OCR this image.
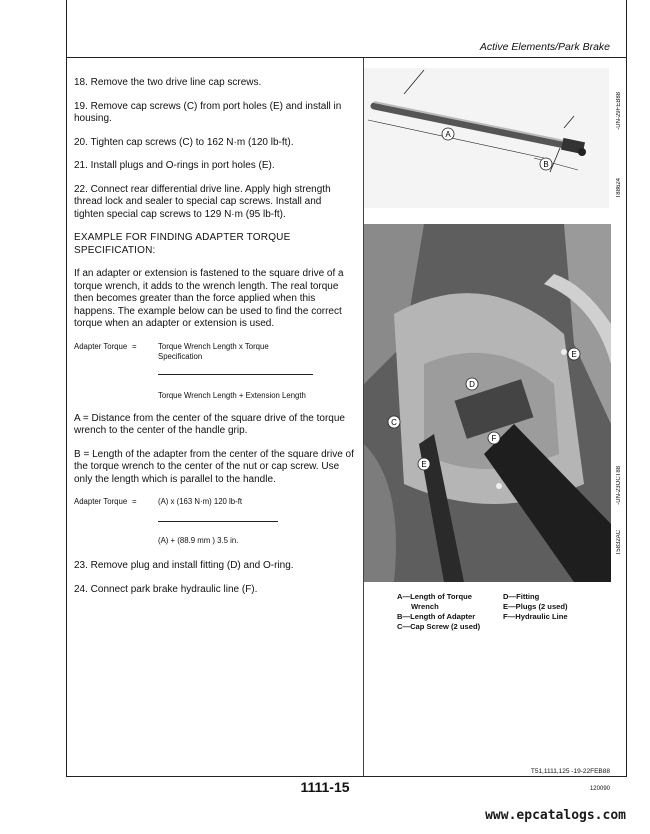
Active Elements/Park Brake
18. Remove the two drive line cap screws.
19. Remove cap screws (C) from port holes (E) and install in housing.
20. Tighten cap screws (C) to 162 N·m (120 lb-ft).
21. Install plugs and O-rings in port holes (E).
22. Connect rear differential drive line. Apply high strength thread lock and sealer to special cap screws. Install and tighten special cap screws to 129 N·m (95 lb-ft).
EXAMPLE FOR FINDING ADAPTER TORQUE SPECIFICATION:
If an adapter or extension is fastened to the square drive of a torque wrench, it adds to the wrench length. The real torque then becomes greater than the force applied when this happens. The example below can be used to find the correct torque when an adapter or extension is used.
Adapter Torque =	Torque Wrench Length x Torque Specification
Torque Wrench Length + Extension Length
A = Distance from the center of the square drive of the torque wrench to the center of the handle grip.
B = Length of the adapter from the center of the square drive of the torque wrench to the center of the nut or cap screw. Use only the length which is parallel to the handle.
Adapter Torque =	(A) x (163 N·m) 120 lb-ft
(A) + (88.9 mm ) 3.5 in.
23. Remove plug and install fitting (D) and O-ring.
24. Connect park brake hydraulic line (F).
A
B
-UN-29FEB88
T88624
C
D
E
E
F
-UN-23OCT88
T5832AC
A—Length of Torque
Wrench
B—Length of Adapter
C—Cap Screw (2 used)
D—Fitting
E—Plugs (2 used)
F—Hydraulic Line
T51,1111,125 -19-22FEB88
1111-15	120090
www.epcatalogs.com
